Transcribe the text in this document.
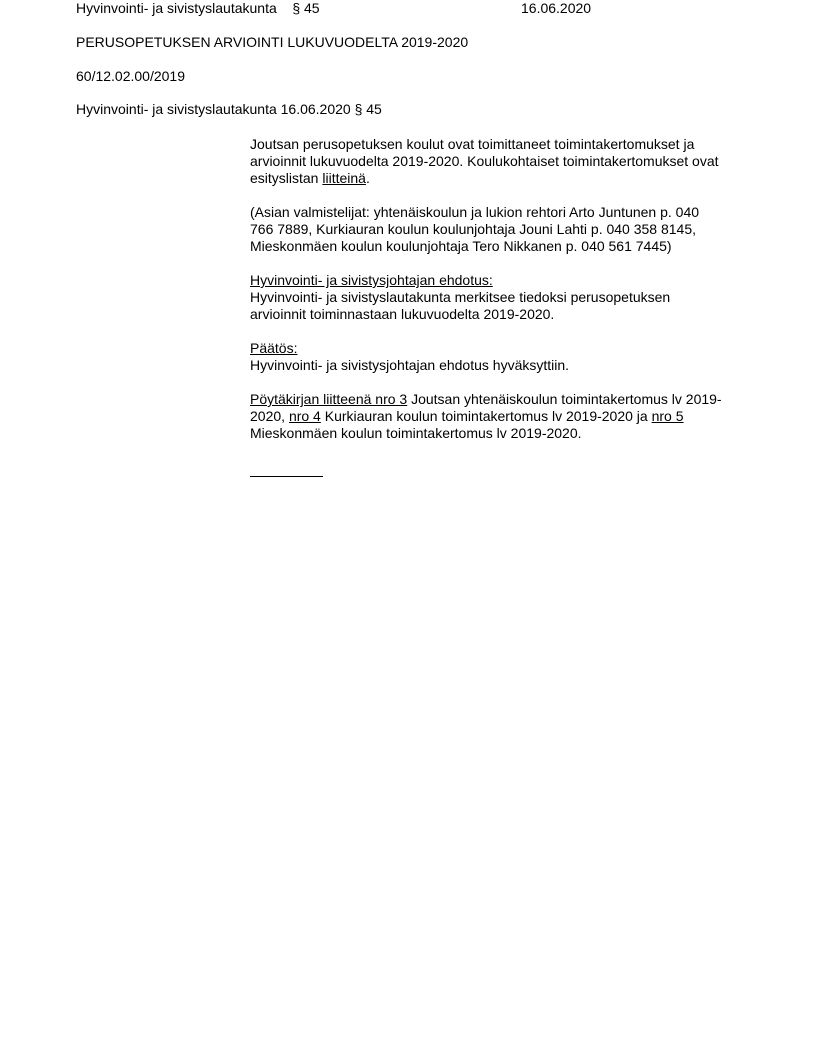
Hyvinvointi- ja sivistyslautakunta § 45	16.06.2020
PERUSOPETUKSEN ARVIOINTI LUKUVUODELTA 2019-2020
60/12.02.00/2019
Hyvinvointi- ja sivistyslautakunta 16.06.2020 § 45

Joutsan perusopetuksen koulut ovat toimittaneet toimintakertomukset ja arvioinnit lukuvuodelta 2019-2020. Koulukohtaiset toimintakertomukset ovat esityslistan liitteinä.

(Asian valmistelijat: yhtenäiskoulun ja lukion rehtori Arto Juntunen p. 040
766 7889, Kurkiauran koulun koulunjohtaja Jouni Lahti p. 040 358 8145,
Mieskonmäen koulun koulunjohtaja Tero Nikkanen p. 040 561 7445)

Hyvinvointi- ja sivistysjohtajan ehdotus:
Hyvinvointi- ja sivistyslautakunta merkitsee tiedoksi perusopetuksen arvioinnit toiminnastaan lukuvuodelta 2019-2020.

Päätös:
Hyvinvointi- ja sivistysjohtajan ehdotus hyväksyttiin.

Pöytäkirjan liitteenä nro 3 Joutsan yhtenäiskoulun toimintakertomus lv 2019-2020, nro 4 Kurkiauran koulun toimintakertomus lv 2019-2020 ja nro 5 Mieskonmäen koulun toimintakertomus lv 2019-2020.
